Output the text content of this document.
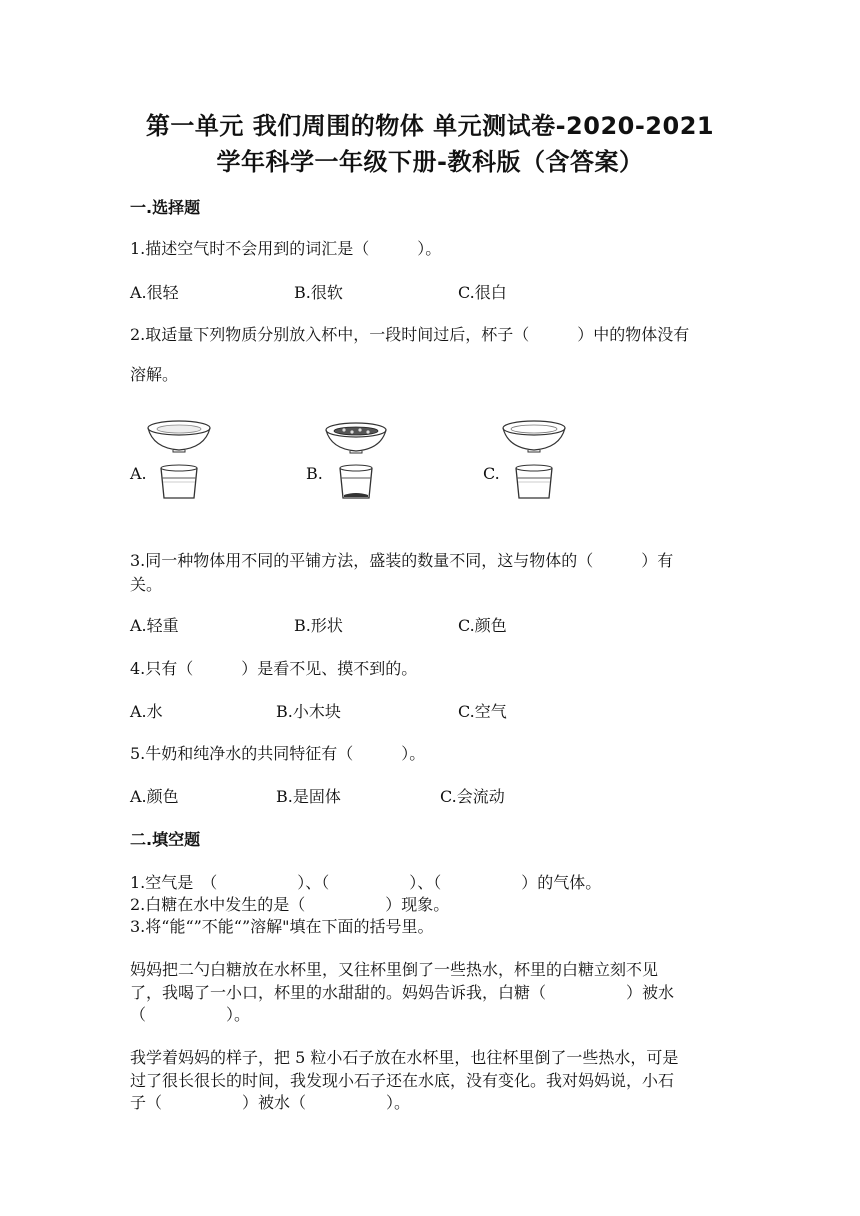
第一单元 我们周围的物体 单元测试卷-2020-2021
学年科学一年级下册-教科版（含答案）
一.选择题
1.描述空气时不会用到的词汇是（　　　）。
A.很轻	B.很软	C.很白
2.取适量下列物质分别放入杯中，一段时间过后，杯子（　　　）中的物体没有
溶解。
A.	B.	C.
3.同一种物体用不同的平铺方法，盛装的数量不同，这与物体的（　　　）有
关。
A.轻重	B.形状	C.颜色
4.只有（　　　）是看不见、摸不到的。
A.水	B.小木块	C.空气
5.牛奶和纯净水的共同特征有（　　　）。
A.颜色	B.是固体	C.会流动
二.填空题
1.空气是　（　　　　　）、（　　　　　）、（　　　　　）的气体。
2.白糖在水中发生的是（　　　　　）现象。
3.将“能“”不能“”溶解"填在下面的括号里。
妈妈把二勺白糖放在水杯里，又往杯里倒了一些热水，杯里的白糖立刻不见
了，我喝了一小口，杯里的水甜甜的。妈妈告诉我，白糖（　　　　　）被水
（　　　　　）。
我学着妈妈的样子，把 5 粒小石子放在水杯里，也往杯里倒了一些热水，可是
过了很长很长的时间，我发现小石子还在水底，没有变化。我对妈妈说，小石
子（　　　　　）被水（　　　　　）。
